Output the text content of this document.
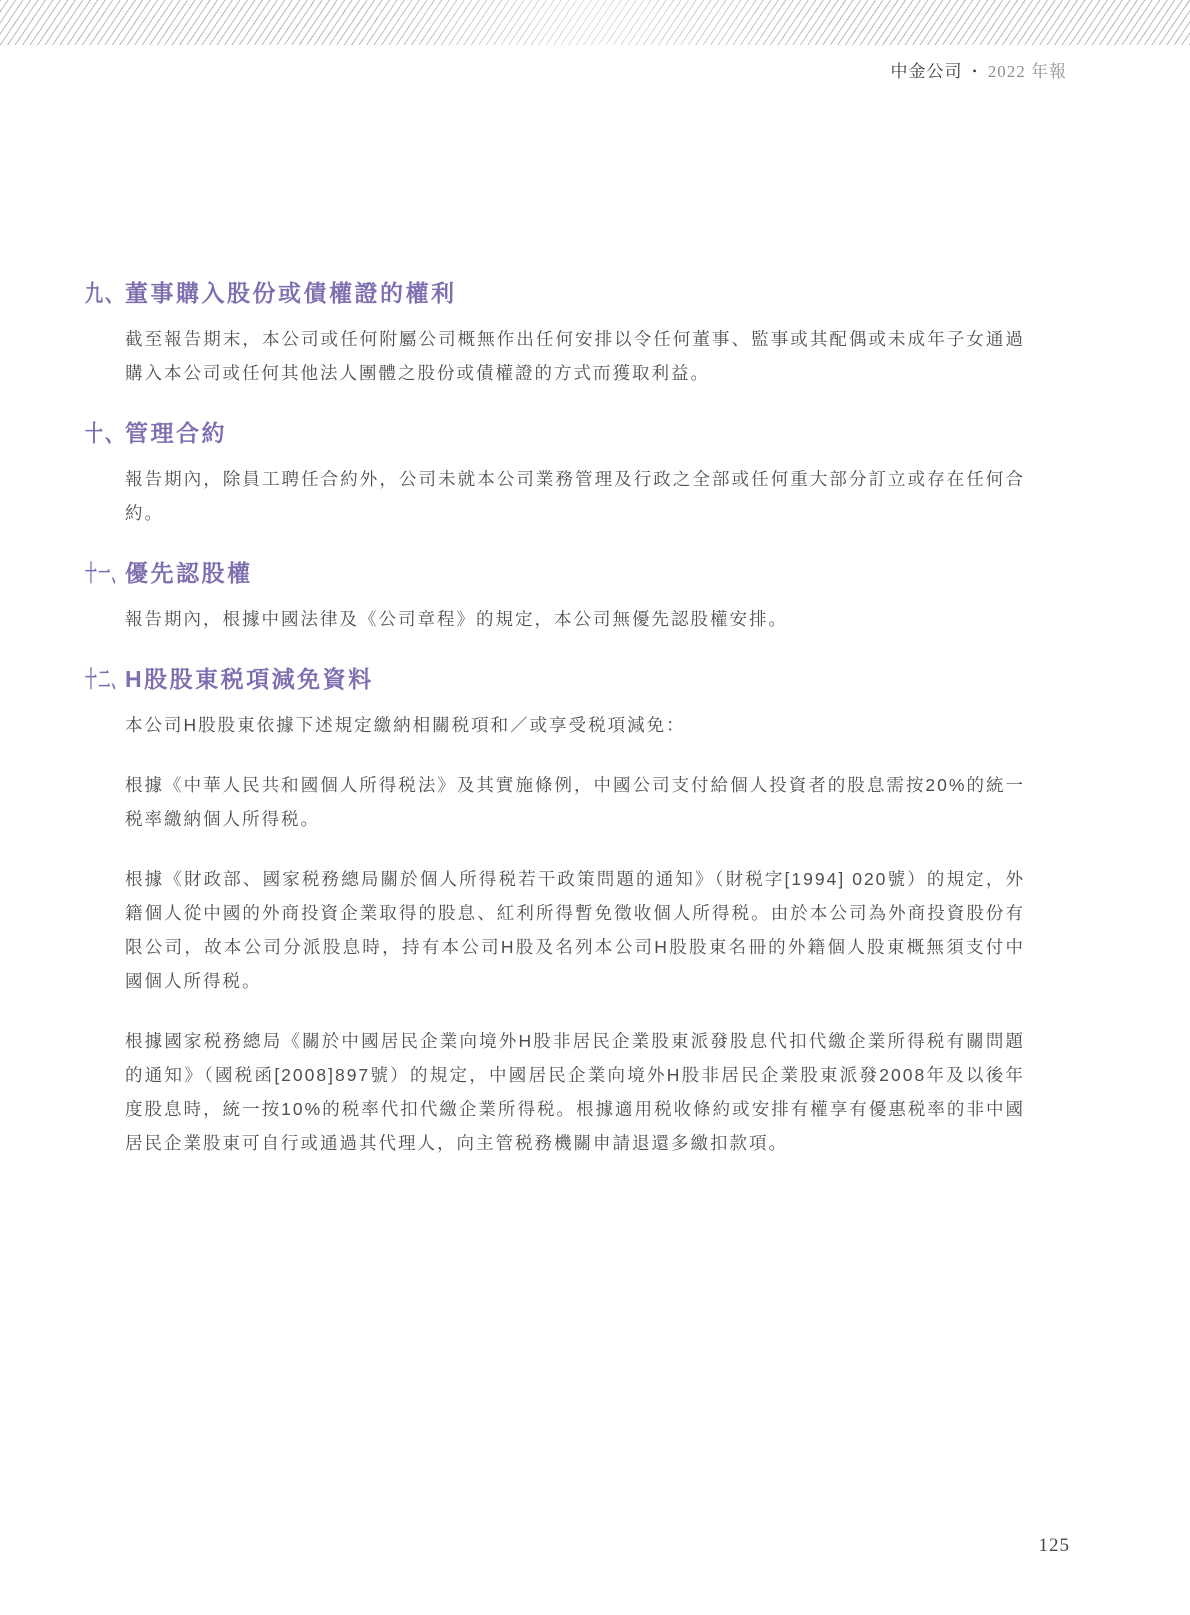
中金公司 • 2022 年報
九、 董事購入股份或債權證的權利

截至報告期末，本公司或任何附屬公司概無作出任何安排以令任何董事、監事或其配偶或未成年子女通過購入本公司或任何其他法人團體之股份或債權證的方式而獲取利益。

十、 管理合約

報告期內，除員工聘任合約外，公司未就本公司業務管理及行政之全部或任何重大部分訂立或存在任何合約。

十一、 優先認股權

報告期內，根據中國法律及《公司章程》的規定，本公司無優先認股權安排。

十二、 H股股東税項減免資料

本公司H股股東依據下述規定繳納相關税項和／或享受税項減免：

根據《中華人民共和國個人所得税法》及其實施條例，中國公司支付給個人投資者的股息需按20%的統一税率繳納個人所得税。

根據《財政部、國家税務總局關於個人所得税若干政策問題的通知》（財税字[1994] 020號）的規定，外籍個人從中國的外商投資企業取得的股息、紅利所得暫免徵收個人所得税。由於本公司為外商投資股份有限公司，故本公司分派股息時，持有本公司H股及名列本公司H股股東名冊的外籍個人股東概無須支付中國個人所得税。

根據國家税務總局《關於中國居民企業向境外H股非居民企業股東派發股息代扣代繳企業所得税有關問題的通知》（國税函[2008]897號）的規定，中國居民企業向境外H股非居民企業股東派發2008年及以後年度股息時，統一按10%的税率代扣代繳企業所得税。根據適用税收條約或安排有權享有優惠税率的非中國居民企業股東可自行或通過其代理人，向主管税務機關申請退還多繳扣款項。

125
